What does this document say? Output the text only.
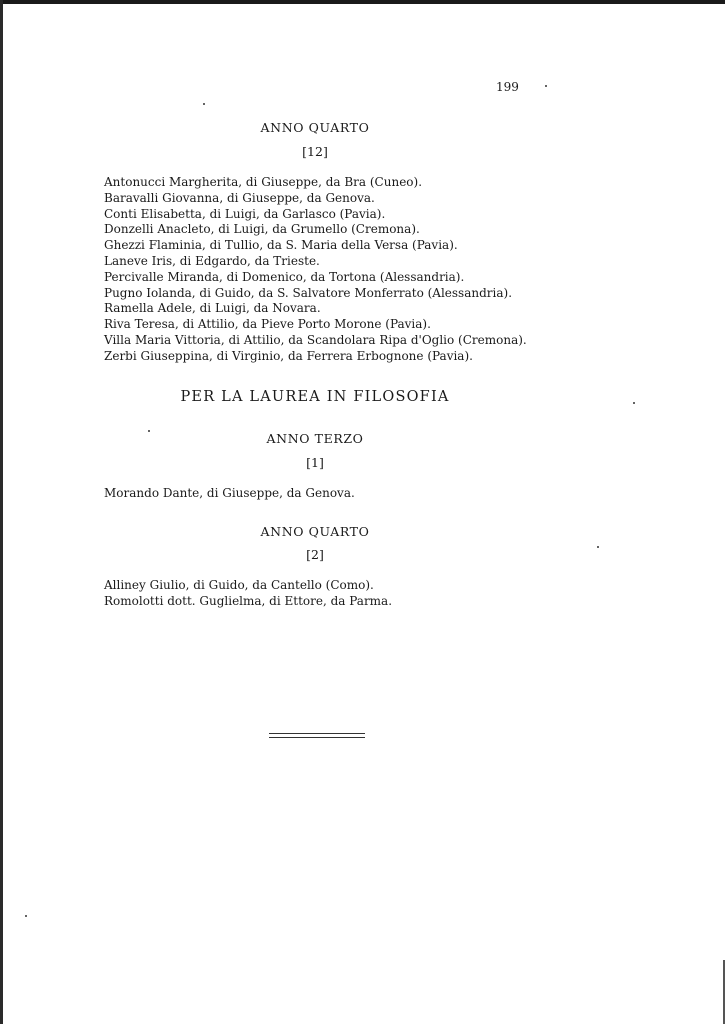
199
ANNO QUARTO
[12]
Antonucci Margherita, di Giuseppe, da Bra (Cuneo).
Baravalli Giovanna, di Giuseppe, da Genova.
Conti Elisabetta, di Luigi, da Garlasco (Pavia).
Donzelli Anacleto, di Luigi, da Grumello (Cremona).
Ghezzi Flaminia, di Tullio, da S. Maria della Versa (Pavia).
Laneve Iris, di Edgardo, da Trieste.
Percivalle Miranda, di Domenico, da Tortona (Alessandria).
Pugno Iolanda, di Guido, da S. Salvatore Monferrato (Alessandria).
Ramella Adele, di Luigi, da Novara.
Riva Teresa, di Attilio, da Pieve Porto Morone (Pavia).
Villa Maria Vittoria, di Attilio, da Scandolara Ripa d'Oglio (Cremona).
Zerbi Giuseppina, di Virginio, da Ferrera Erbognone (Pavia).
PER LA LAUREA IN FILOSOFIA
ANNO TERZO
[1]
Morando Dante, di Giuseppe, da Genova.
ANNO QUARTO
[2]
Alliney Giulio, di Guido, da Cantello (Como).
Romolotti dott. Guglielma, di Ettore, da Parma.
